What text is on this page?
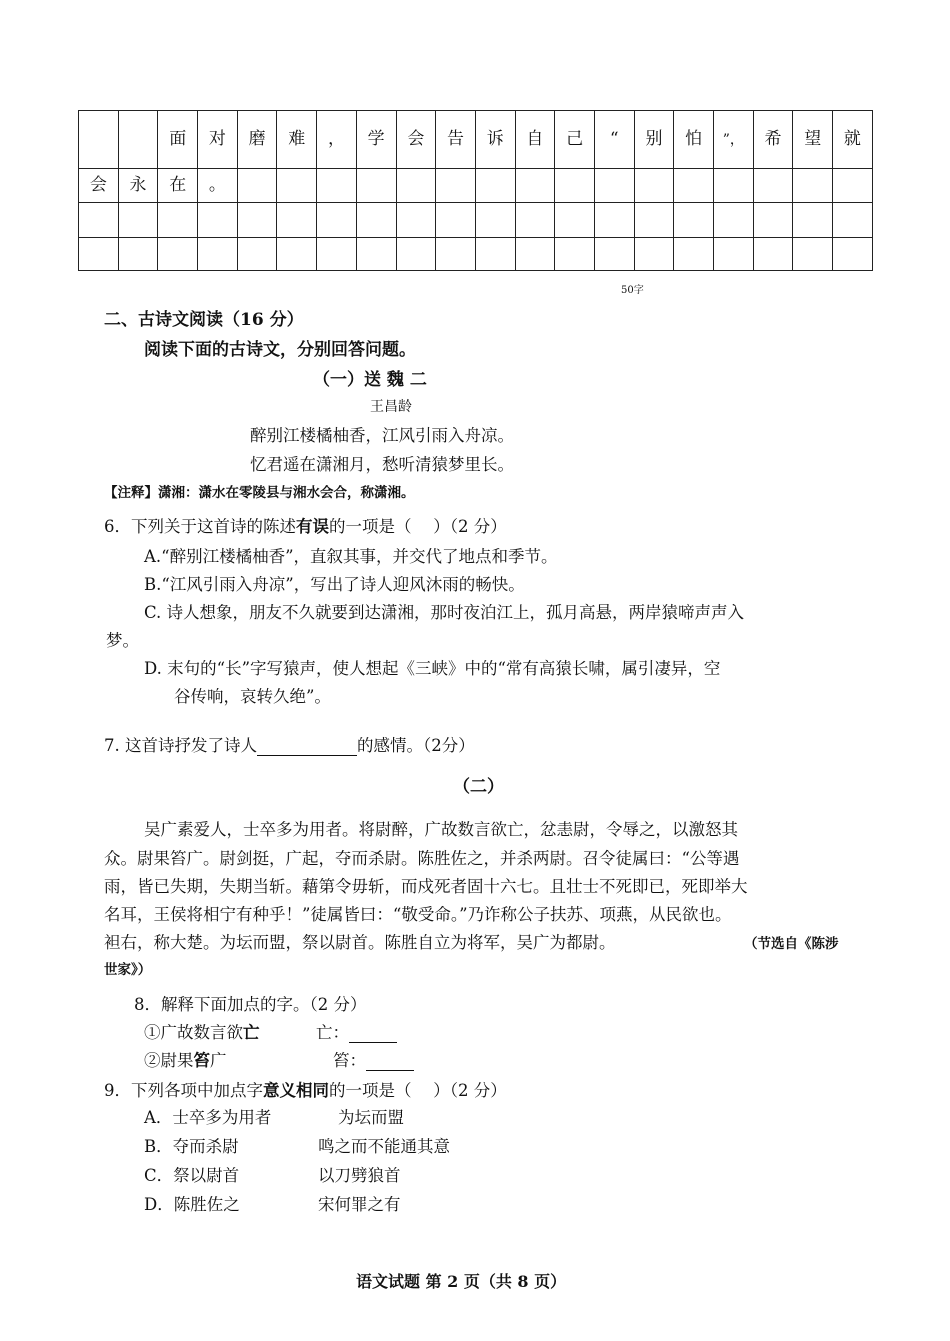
		面	对	磨	难	，	学	会	告	诉	自	己	“	别	怕	”，	希	望	就
会	永	在	。																

50字
二、古诗文阅读（16 分）
阅读下面的古诗文，分别回答问题。
（一）送 魏 二
王昌龄
醉别江楼橘柚香，江风引雨入舟凉。
忆君遥在潇湘月，愁听清猿梦里长。
【注释】潇湘：潇水在零陵县与湘水会合，称潇湘。
6．下列关于这首诗的陈述有误的一项是（　 ）（2 分）
A.“醉别江楼橘柚香”，直叙其事，并交代了地点和季节。
B.“江风引雨入舟凉”，写出了诗人迎风沐雨的畅快。
C. 诗人想象，朋友不久就要到达潇湘，那时夜泊江上，孤月高悬，两岸猿啼声声入
梦。
D. 末句的“长”字写猿声，使人想起《三峡》中的“常有高猿长啸，属引凄异，空
谷传响，哀转久绝”。
7. 这首诗抒发了诗人	的感情。（2分）
（二）
吴广素爱人，士卒多为用者。将尉醉，广故数言欲亡，忿恚尉，令辱之，以激怒其
众。尉果笞广。尉剑挺，广起，夺而杀尉。陈胜佐之，并杀两尉。召令徒属曰：“公等遇
雨，皆已失期，失期当斩。藉第令毋斩，而戍死者固十六七。且壮士不死即已，死即举大
名耳，王侯将相宁有种乎！”徒属皆曰：“敬受命。”乃诈称公子扶苏、项燕，从民欲也。
袒右，称大楚。为坛而盟，祭以尉首。陈胜自立为将军，吴广为都尉。	（节选自《陈涉
世家》）
8．解释下面加点的字。（2 分）
①广故数言欲亡	亡：
②尉果笞广	笞：
9．下列各项中加点字意义相同的一项是（　 ）（2 分）
A．士卒多为用者	为坛而盟
B．夺而杀尉	鸣之而不能通其意
C．祭以尉首	以刀劈狼首
D．陈胜佐之	宋何罪之有
语文试题 第 2 页（共 8 页）
